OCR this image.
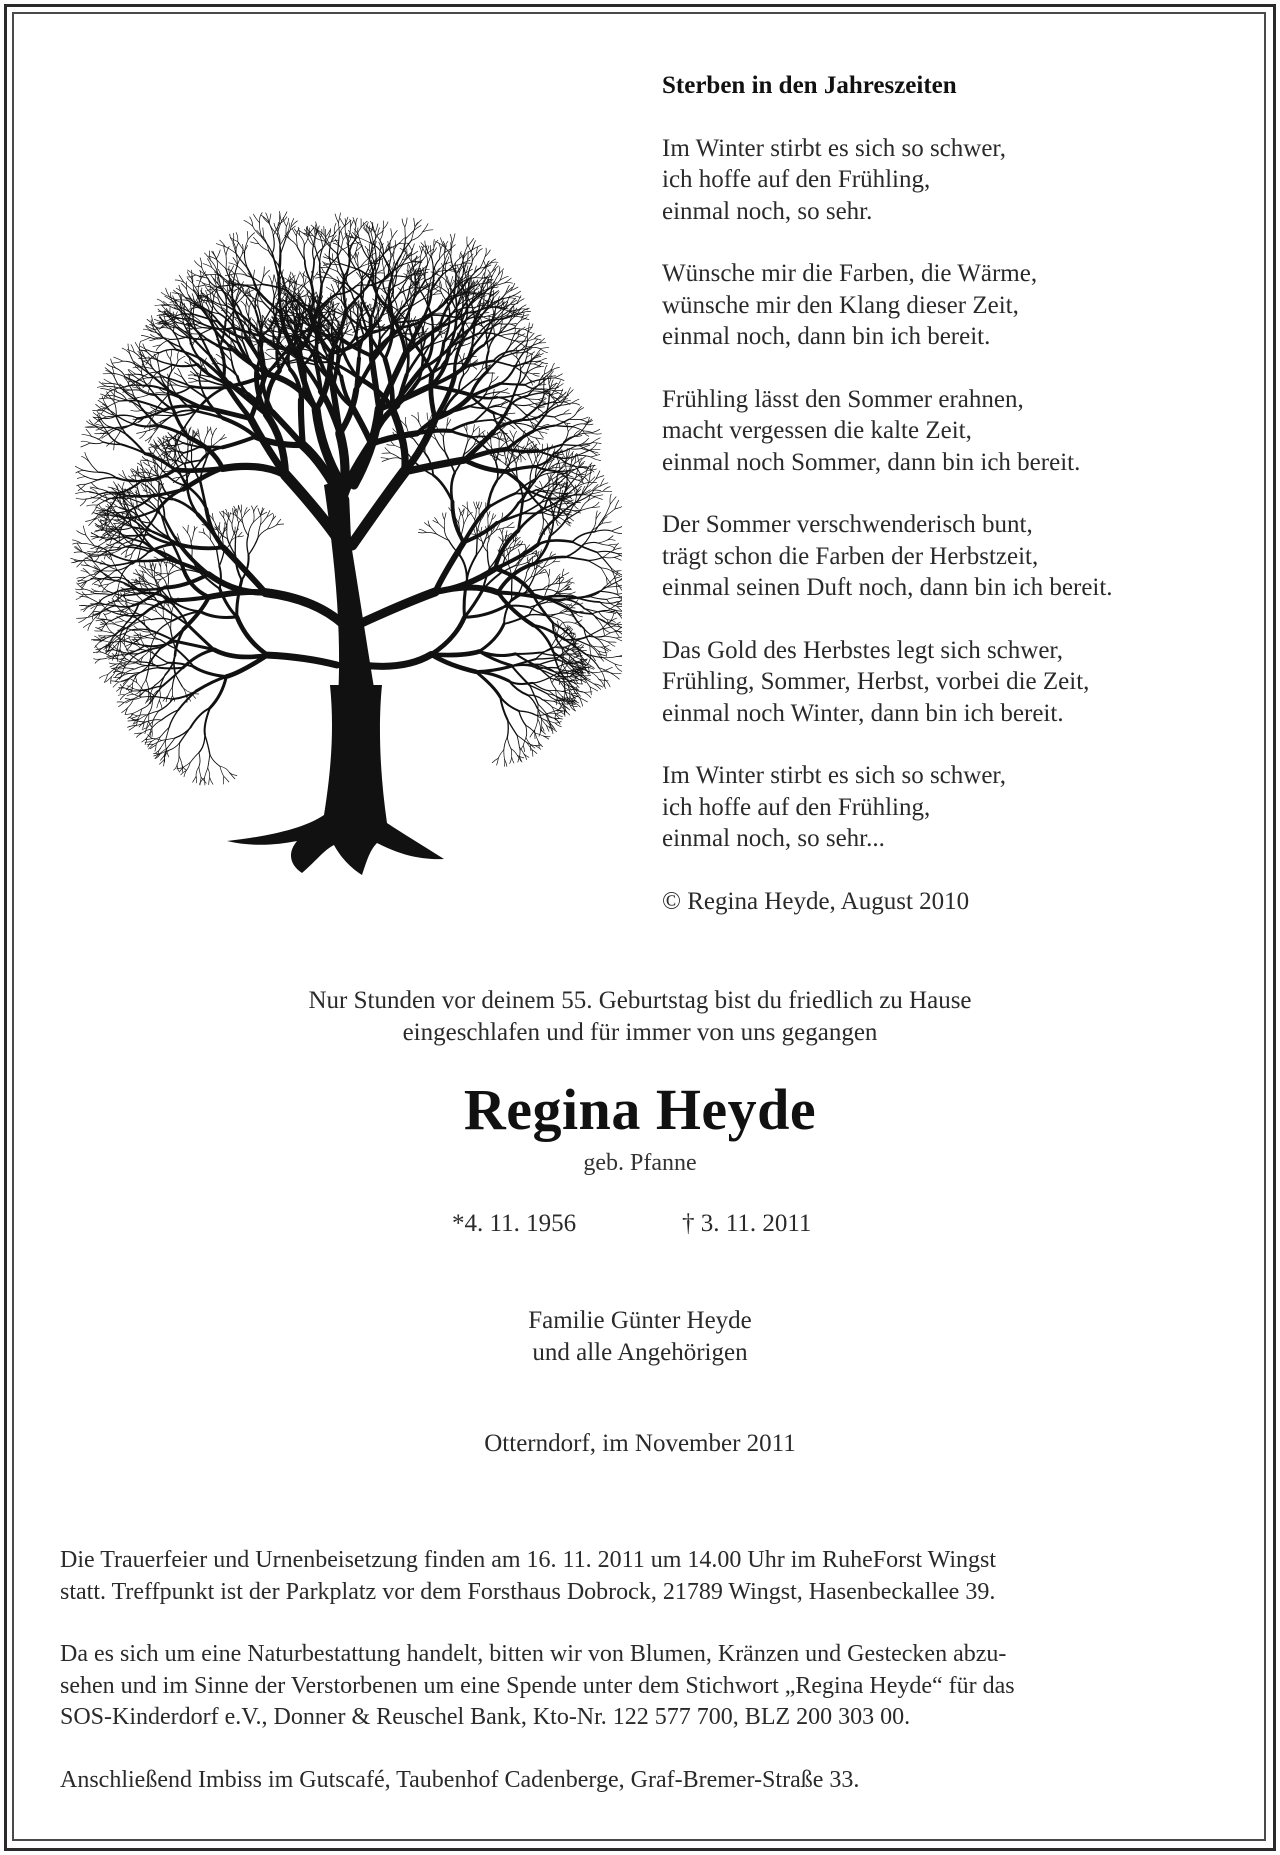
Sterben in den Jahreszeiten
Im Winter stirbt es sich so schwer,
ich hoffe auf den Frühling,
einmal noch, so sehr.
Wünsche mir die Farben, die Wärme,
wünsche mir den Klang dieser Zeit,
einmal noch, dann bin ich bereit.
Frühling lässt den Sommer erahnen,
macht vergessen die kalte Zeit,
einmal noch Sommer, dann bin ich bereit.
Der Sommer verschwenderisch bunt,
trägt schon die Farben der Herbstzeit,
einmal seinen Duft noch, dann bin ich bereit.
Das Gold des Herbstes legt sich schwer,
Frühling, Sommer, Herbst, vorbei die Zeit,
einmal noch Winter, dann bin ich bereit.
Im Winter stirbt es sich so schwer,
ich hoffe auf den Frühling,
einmal noch, so sehr...
© Regina Heyde, August 2010
Nur Stunden vor deinem 55. Geburtstag bist du friedlich zu Hause
eingeschlafen und für immer von uns gegangen
Regina Heyde
geb. Pfanne
*4. 11. 1956	† 3. 11. 2011
Familie Günter Heyde
und alle Angehörigen
Otterndorf, im November 2011
Die Trauerfeier und Urnenbeisetzung finden am 16. 11. 2011 um 14.00 Uhr im RuheForst Wingst
statt. Treffpunkt ist der Parkplatz vor dem Forsthaus Dobrock, 21789 Wingst, Hasenbeckallee 39.
Da es sich um eine Naturbestattung handelt, bitten wir von Blumen, Kränzen und Gestecken abzu-
sehen und im Sinne der Verstorbenen um eine Spende unter dem Stichwort „Regina Heyde“ für das
SOS-Kinderdorf e.V., Donner & Reuschel Bank, Kto-Nr. 122 577 700, BLZ 200 303 00.
Anschließend Imbiss im Gutscafé, Taubenhof Cadenberge, Graf-Bremer-Straße 33.
